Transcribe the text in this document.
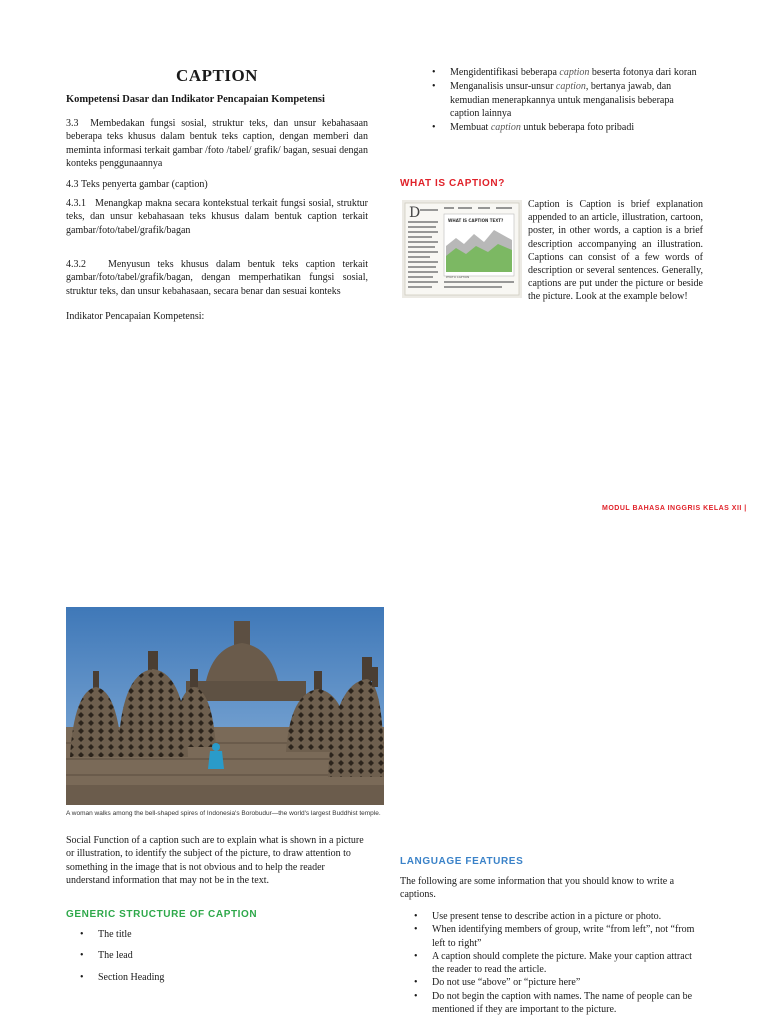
CAPTION
Kompetensi Dasar dan Indikator Pencapaian Kompetensi
3.3 Membedakan fungsi sosial, struktur teks, dan unsur kebahasaan beberapa teks khusus dalam bentuk teks caption, dengan memberi dan meminta informasi terkait gambar /foto /tabel/ grafik/ bagan, sesuai dengan konteks penggunaannya
4.3 Teks penyerta gambar (caption)
4.3.1 Menangkap makna secara kontekstual terkait fungsi sosial, struktur teks, dan unsur kebahasaan teks khusus dalam bentuk caption terkait gambar/foto/tabel/grafik/bagan
4.3.2 Menyusun teks khusus dalam bentuk teks caption terkait gambar/foto/tabel/grafik/bagan, dengan memperhatikan fungsi sosial, struktur teks, dan unsur kebahasaan, secara benar dan sesuai konteks
Indikator Pencapaian Kompetensi:
• Mengidentifikasi beberapa caption beserta fotonya dari koran
• Menganalisis unsur-unsur caption, bertanya jawab, dan kemudian menerapkannya untuk menganalisis beberapa caption lainnya
• Membuat caption untuk beberapa foto pribadi
WHAT IS CAPTION?
Caption is Caption is brief explanation appended to an article, illustration, cartoon, poster, in other words, a caption is a brief description accompanying an illustration. Captions can consist of a few words of description or several sentences. Generally, captions are put under the picture or beside the picture. Look at the example below!
D	WHAT IS CAPTION TEXT?
PHOTO CAPTION
MODUL BAHASA INGGRIS KELAS XII |
A woman walks among the bell-shaped spires of Indonesia's Borobudur—the world's largest Buddhist temple.
Social Function of a caption such are to explain what is shown in a picture or illustration, to identify the subject of the picture, to draw attention to something in the image that is not obvious and to help the reader understand information that may not be in the text.
GENERIC STRUCTURE OF CAPTION
• The title
• The lead
• Section Heading
LANGUAGE FEATURES
The following are some information that you should know to write a captions.
• Use present tense to describe action in a picture or photo.
• When identifying members of group, write “from left”, not “from left to right”
• A caption should complete the picture. Make your caption attract the reader to read the article.
• Do not use “above” or “picture here”
• Do not begin the caption with names. The name of people can be mentioned if they are important to the picture.
